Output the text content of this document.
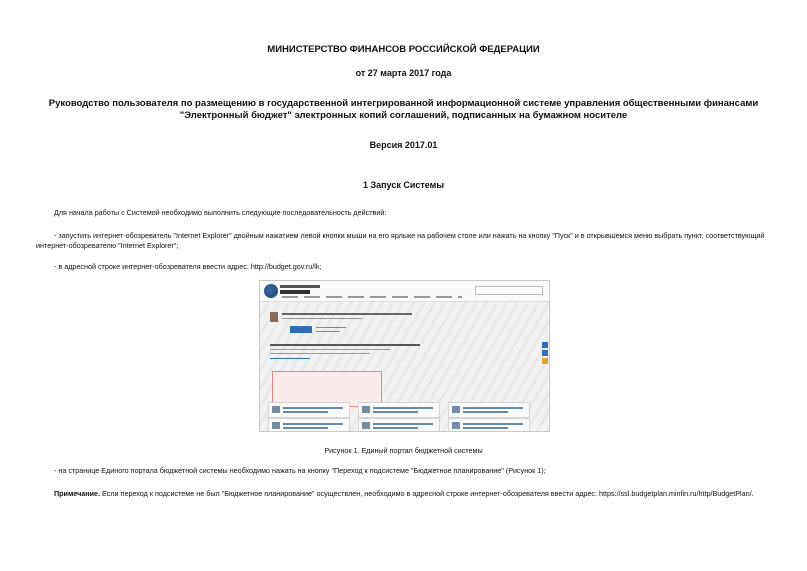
МИНИСТЕРСТВО ФИНАНСОВ РОССИЙСКОЙ ФЕДЕРАЦИИ
от 27 марта 2017 года
Руководство пользователя по размещению в государственной интегрированной информационной системе управления общественными финансами "Электронный бюджет" электронных копий соглашений, подписанных на бумажном носителе
Версия 2017.01
1 Запуск Системы
Для начала работы с Системой необходимо выполнить следующие последовательность действий:
- запустить интернет-обозреватель "Internet Explorer" двойным нажатием левой кнопки мыши на его ярлыке на рабочем столе или нажать на кнопку "Пуск" и в открывшемся меню выбрать пункт, соответствующий интернет-обозревателю "Internet Explorer";
- в адресной строке интернет-обозревателя ввести адрес: http://budget.gov.ru/lk;
Рисунок 1. Единый портал бюджетной системы
- на странице Единого портала бюджетной системы необходимо нажать на кнопку "Переход к подсистеме "Бюджетное планирование" (Рисунок 1);
Примечание. Если переход к подсистеме не был "Бюджетное планирование" осуществлен, необходимо в адресной строке интернет-обозревателя ввести адрес: https://ssl.budgetplan.minfin.ru/http/BudgetPlan/.
